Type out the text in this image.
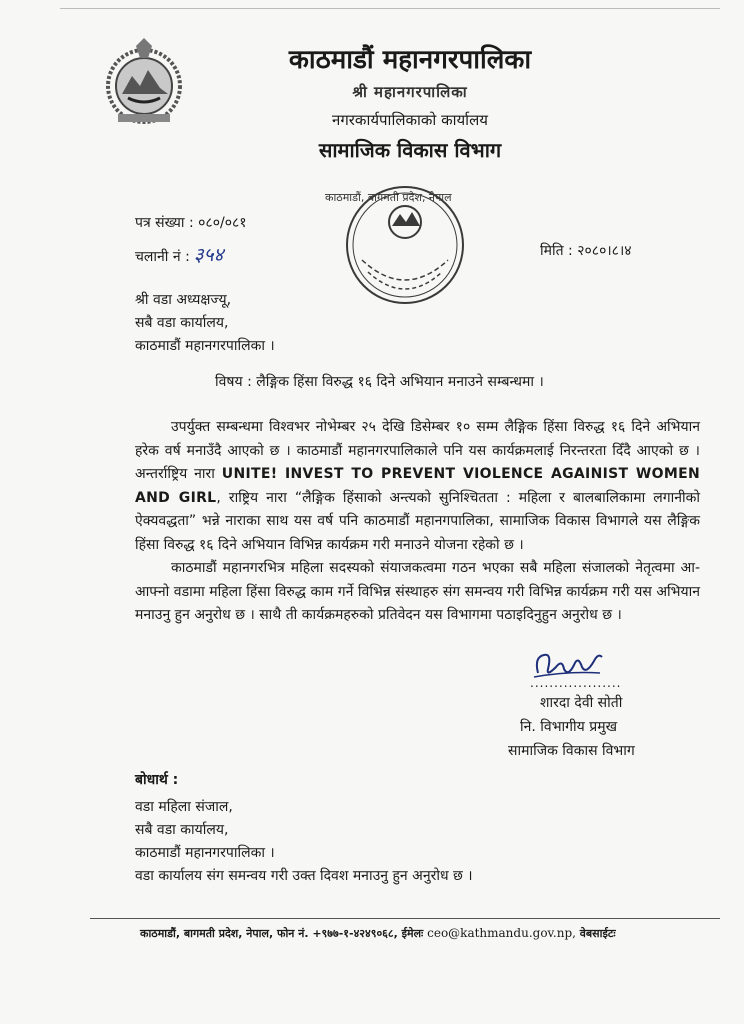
काठमाडौं महानगरपालिका
श्री महानगरपालिका
नगरकार्यपालिकाको कार्यालय
सामाजिक विकास विभाग
काठमाडौं, बागमती प्रदेश, नेपाल
पत्र संख्या : ०८०/०८१
चलानी नं : ३५४	मिति : २०८०।८।४
श्री वडा अध्यक्षज्यू,
सबै वडा कार्यालय,
काठमाडौं महानगरपालिका ।
विषय : लैङ्गिक हिंसा विरुद्ध १६ दिने अभियान मनाउने सम्बन्धमा ।
उपर्युक्त सम्बन्धमा विश्वभर नोभेम्बर २५ देखि डिसेम्बर १० सम्म लैङ्गिक हिंसा विरुद्ध १६ दिने अभियान हरेक वर्ष मनाउँदै आएको छ । काठमाडौं महानगरपालिकाले पनि यस कार्यक्रमलाई निरन्तरता दिँदै आएको छ ।अन्तर्राष्ट्रिय नारा UNITE! INVEST TO PREVENT VIOLENCE AGAINIST WOMEN AND GIRL, राष्ट्रिय नारा “लैङ्गिक हिंसाको अन्त्यको सुनिश्चितता : महिला र बालबालिकामा लगानीको ऐक्यवद्धता” भन्ने नाराका साथ यस वर्ष पनि काठमाडौं महानगपालिका, सामाजिक विकास विभागले यस लैङ्गिक हिंसा विरुद्ध १६ दिने अभियान विभिन्न कार्यक्रम गरी मनाउने योजना रहेको छ ।
काठमाडौं महानगरभित्र महिला सदस्यको संयाजकत्वमा गठन भएका सबै महिला संजालको नेतृत्वमा आ-आफ्नो वडामा महिला हिंसा विरुद्ध काम गर्ने विभिन्न संस्थाहरु संग समन्वय गरी विभिन्न कार्यक्रम गरी यस अभियान मनाउनु हुन अनुरोध छ । साथै ती कार्यक्रमहरुको प्रतिवेदन यस विभागमा पठाइदिनुहुन अनुरोध छ ।
...................
शारदा देवी सोती
नि. विभागीय प्रमुख
सामाजिक विकास विभाग
बोधार्थ :
वडा महिला संजाल,
सबै वडा कार्यालय,
काठमाडौं महानगरपालिका ।
वडा कार्यालय संग समन्वय गरी उक्त दिवश मनाउनु हुन अनुरोध छ ।
काठमाडौं, बागमती प्रदेश, नेपाल, फोन नं. +९७७-१-४२४९०६८, ईमेलः ceo@kathmandu.gov.np, वेबसाईटः
